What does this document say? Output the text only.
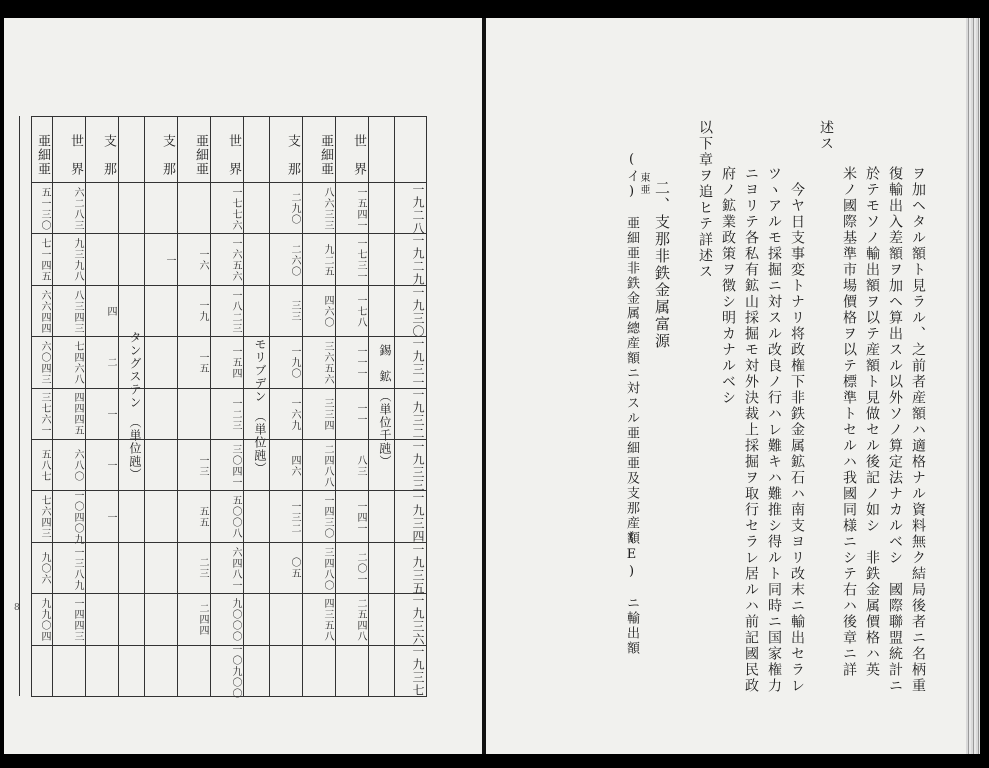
一九二八
一九二九
一九三〇
一九三一
一九三二
一九三三
一九三四
一九三五
一九三六
一九三七
錫　鉱　（単位千瓲）
世　界
一五四一
一七三一
一七八
一一一
一一
八三
一四一
二〇一
二五四八
亜細亜
八六三三
九二五
四六〇
三六五六
三三四
二四八八
一四三〇
三四八〇
四三五八
支　那
二九〇
二六〇
三三
一九〇
一六九
四六
一三二
〇五
モリブデン　（単位瓲）
世　界
一七七六
一六五六
一八二三
一五四
一二三
三〇四一
五〇〇八
六四八一
九〇〇〇
一〇九〇〇
亜細亜
一六
一九
一五
一三
五五
二三
二四四
支　那
一
タングステン　（単位瓲）
支　那
四
二
一
一
一
世　界
六二八三
九三九八
八三四三
七四六八
四四四五
六八〇
一〇四〇九
一三八九
一四四三
亜細亜
五一三〇
七一四五
六六四四
六〇四三
三七六一
五八七
七六四三
九〇六
九九〇四
8	ヲ加ヘタル額ト見ラル、之前者産額ハ適格ナル資料無ク結局後者ニ名柄重
復輸出入差額ヲ加ヘ算出スル以外ソノ算定法ナカルベシ　國際聯盟統計ニ
於テモソノ輸出額ヲ以テ産額ト見做セル後記ノ如シ　非鉄金属價格ハ英
米ノ國際基準市場價格ヲ以テ標準トセルハ我國同様ニシテ右ハ後章ニ詳
述ス
　今ヤ日支事変トナリ将政権下非鉄金属鉱石ハ南支ヨリ改末ニ輸出セラレ
ツヽアルモ採掘ニ対スル改良ノ行ハレ難キハ難推シ得ルト同時ニ国家権力
ニヨリテ各私有鉱山採掘モ対外決裁上採掘ヲ取行セラレ居ルハ前記國民政
府ノ鉱業政策ヲ徴シ明カナルベシ
以下章ヲ追ヒテ詳述ス
二、支那非鉄金属富源
(イ)　亜細亜非鉄金属總産額ニ対スル亜細亜及支那産額
(E)　ニ輸出額
東亜
